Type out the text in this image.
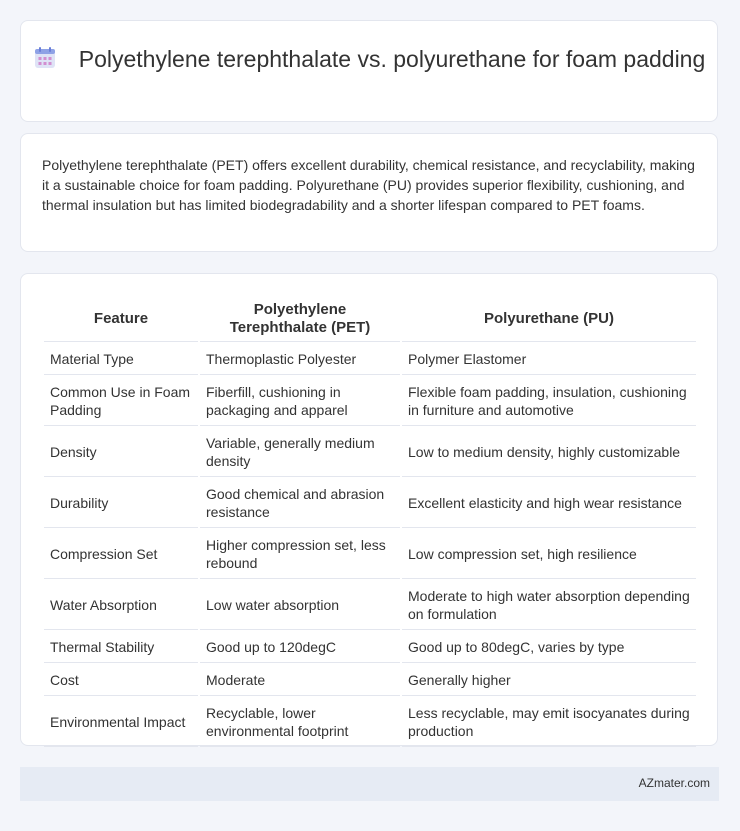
Polyethylene terephthalate vs. polyurethane for foam padding
Polyethylene terephthalate (PET) offers excellent durability, chemical resistance, and recyclability, making it a sustainable choice for foam padding. Polyurethane (PU) provides superior flexibility, cushioning, and thermal insulation but has limited biodegradability and a shorter lifespan compared to PET foams.
Feature	Polyethylene Terephthalate (PET)	Polyurethane (PU)
Material Type	Thermoplastic Polyester	Polymer Elastomer
Common Use in Foam Padding	Fiberfill, cushioning in packaging and apparel	Flexible foam padding, insulation, cushioning in furniture and automotive
Density	Variable, generally medium density	Low to medium density, highly customizable
Durability	Good chemical and abrasion resistance	Excellent elasticity and high wear resistance
Compression Set	Higher compression set, less rebound	Low compression set, high resilience
Water Absorption	Low water absorption	Moderate to high water absorption depending on formulation
Thermal Stability	Good up to 120degC	Good up to 80degC, varies by type
Cost	Moderate	Generally higher
Environmental Impact	Recyclable, lower environmental footprint	Less recyclable, may emit isocyanates during production
AZmater.com
